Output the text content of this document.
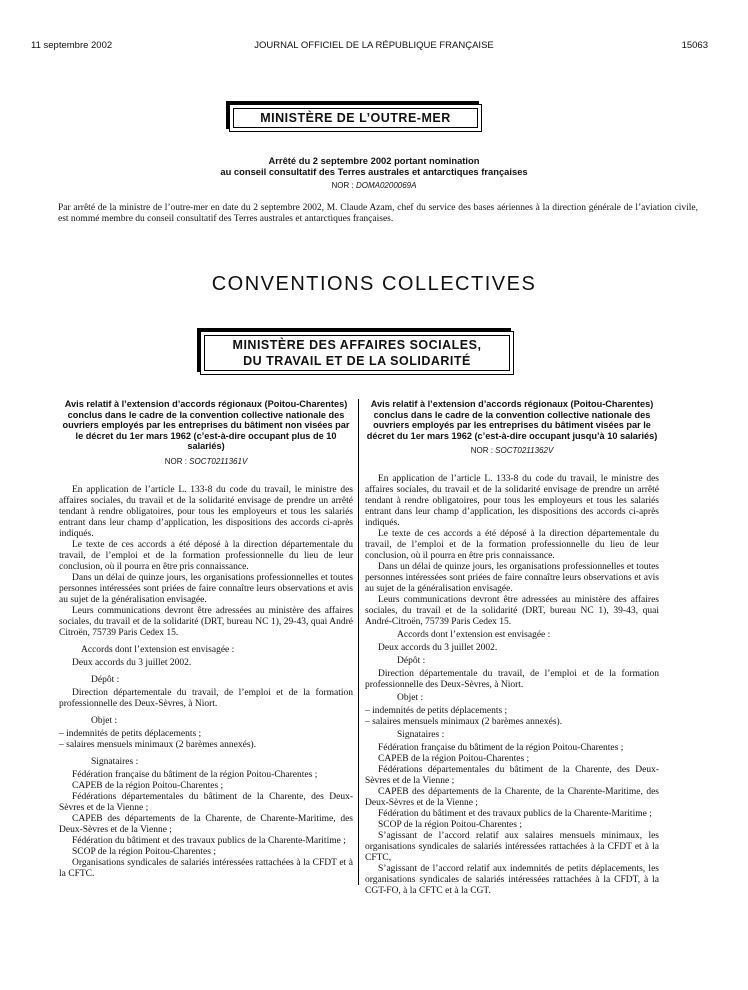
11 septembre 2002	JOURNAL OFFICIEL DE LA RÉPUBLIQUE FRANÇAISE	15063
MINISTÈRE DE L’OUTRE-MER
Arrêté du 2 septembre 2002 portant nomination
au conseil consultatif des Terres australes et antarctiques françaises
NOR : DOMA0200069A
Par arrêté de la ministre de l’outre-mer en date du 2 septembre 2002, M. Claude Azam, chef du service des bases aériennes à la direction générale de l’aviation civile, est nommé membre du conseil consultatif des Terres australes et antarctiques françaises.
CONVENTIONS COLLECTIVES
MINISTÈRE DES AFFAIRES SOCIALES,
DU TRAVAIL ET DE LA SOLIDARITÉ
Avis relatif à l’extension d’accords régionaux (Poitou-Charentes) conclus dans le cadre de la convention collective nationale des ouvriers employés par les entreprises du bâtiment non visées par le décret du 1er mars 1962 (c’est-à-dire occupant plus de 10 salariés)
NOR : SOCT0211361V

En application de l’article L. 133-8 du code du travail, le ministre des affaires sociales, du travail et de la solidarité envisage de prendre un arrêté tendant à rendre obligatoires, pour tous les employeurs et tous les salariés entrant dans leur champ d’application, les dispositions des accords ci-après indiqués.

Le texte de ces accords a été déposé à la direction départementale du travail, de l’emploi et de la formation professionnelle du lieu de leur conclusion, où il pourra en être pris connaissance.

Dans un délai de quinze jours, les organisations professionnelles et toutes personnes intéressées sont priées de faire connaître leurs observations et avis au sujet de la généralisation envisagée.

Leurs communications devront être adressées au ministère des affaires sociales, du travail et de la solidarité (DRT, bureau NC 1), 29-43, quai André Citroën, 75739 Paris Cedex 15.

Accords dont l’extension est envisagée :

Deux accords du 3 juillet 2002.

Dépôt :

Direction départementale du travail, de l’emploi et de la formation professionnelle des Deux-Sèvres, à Niort.

Objet :

– indemnités de petits déplacements ;

– salaires mensuels minimaux (2 barèmes annexés).

Signataires :

Fédération française du bâtiment de la région Poitou-Charentes ;

CAPEB de la région Poitou-Charentes ;

Fédérations départementales du bâtiment de la Charente, des Deux-Sèvres et de la Vienne ;

CAPEB des départements de la Charente, de Charente-Maritime, des Deux-Sèvres et de la Vienne ;

Fédération du bâtiment et des travaux publics de la Charente-Maritime ;

SCOP de la région Poitou-Charentes ;

Organisations syndicales de salariés intéressées rattachées à la CFDT et à la CFTC.

Avis relatif à l’extension d’accords régionaux (Poitou-Charentes) conclus dans le cadre de la convention collective nationale des ouvriers employés par les entreprises du bâtiment visées par le décret du 1er mars 1962 (c’est-à-dire occupant jusqu’à 10 salariés)
NOR : SOCT0211362V

En application de l’article L. 133-8 du code du travail, le ministre des affaires sociales, du travail et de la solidarité envisage de prendre un arrêté tendant à rendre obligatoires, pour tous les employeurs et tous les salariés entrant dans leur champ d’application, les dispositions des accords ci-après indiqués.

Le texte de ces accords a été déposé à la direction départementale du travail, de l’emploi et de la formation professionnelle du lieu de leur conclusion, où il pourra en être pris connaissance.

Dans un délai de quinze jours, les organisations professionnelles et toutes personnes intéressées sont priées de faire connaître leurs observations et avis au sujet de la généralisation envisagée.

Leurs communications devront être adressées au ministère des affaires sociales, du travail et de la solidarité (DRT, bureau NC 1), 39-43, quai André-Citroën, 75739 Paris Cedex 15.

Accords dont l’extension est envisagée :

Deux accords du 3 juillet 2002.

Dépôt :

Direction départementale du travail, de l’emploi et de la formation professionnelle des Deux-Sèvres, à Niort.

Objet :

– indemnités de petits déplacements ;

– salaires mensuels minimaux (2 barèmes annexés).

Signataires :

Fédération française du bâtiment de la région Poitou-Charentes ;

CAPEB de la région Poitou-Charentes ;

Fédérations départementales du bâtiment de la Charente, des Deux-Sèvres et de la Vienne ;

CAPEB des départements de la Charente, de la Charente-Maritime, des Deux-Sèvres et de la Vienne ;

Fédération du bâtiment et des travaux publics de la Charente-Maritime ;

SCOP de la région Poitou-Charentes ;

S’agissant de l’accord relatif aux salaires mensuels minimaux, les organisations syndicales de salariés intéressées rattachées à la CFDT et à la CFTC,

S’agissant de l’accord relatif aux indemnités de petits déplacements, les organisations syndicales de salariés intéressées rattachées à la CFDT, à la CGT-FO, à la CFTC et à la CGT.
